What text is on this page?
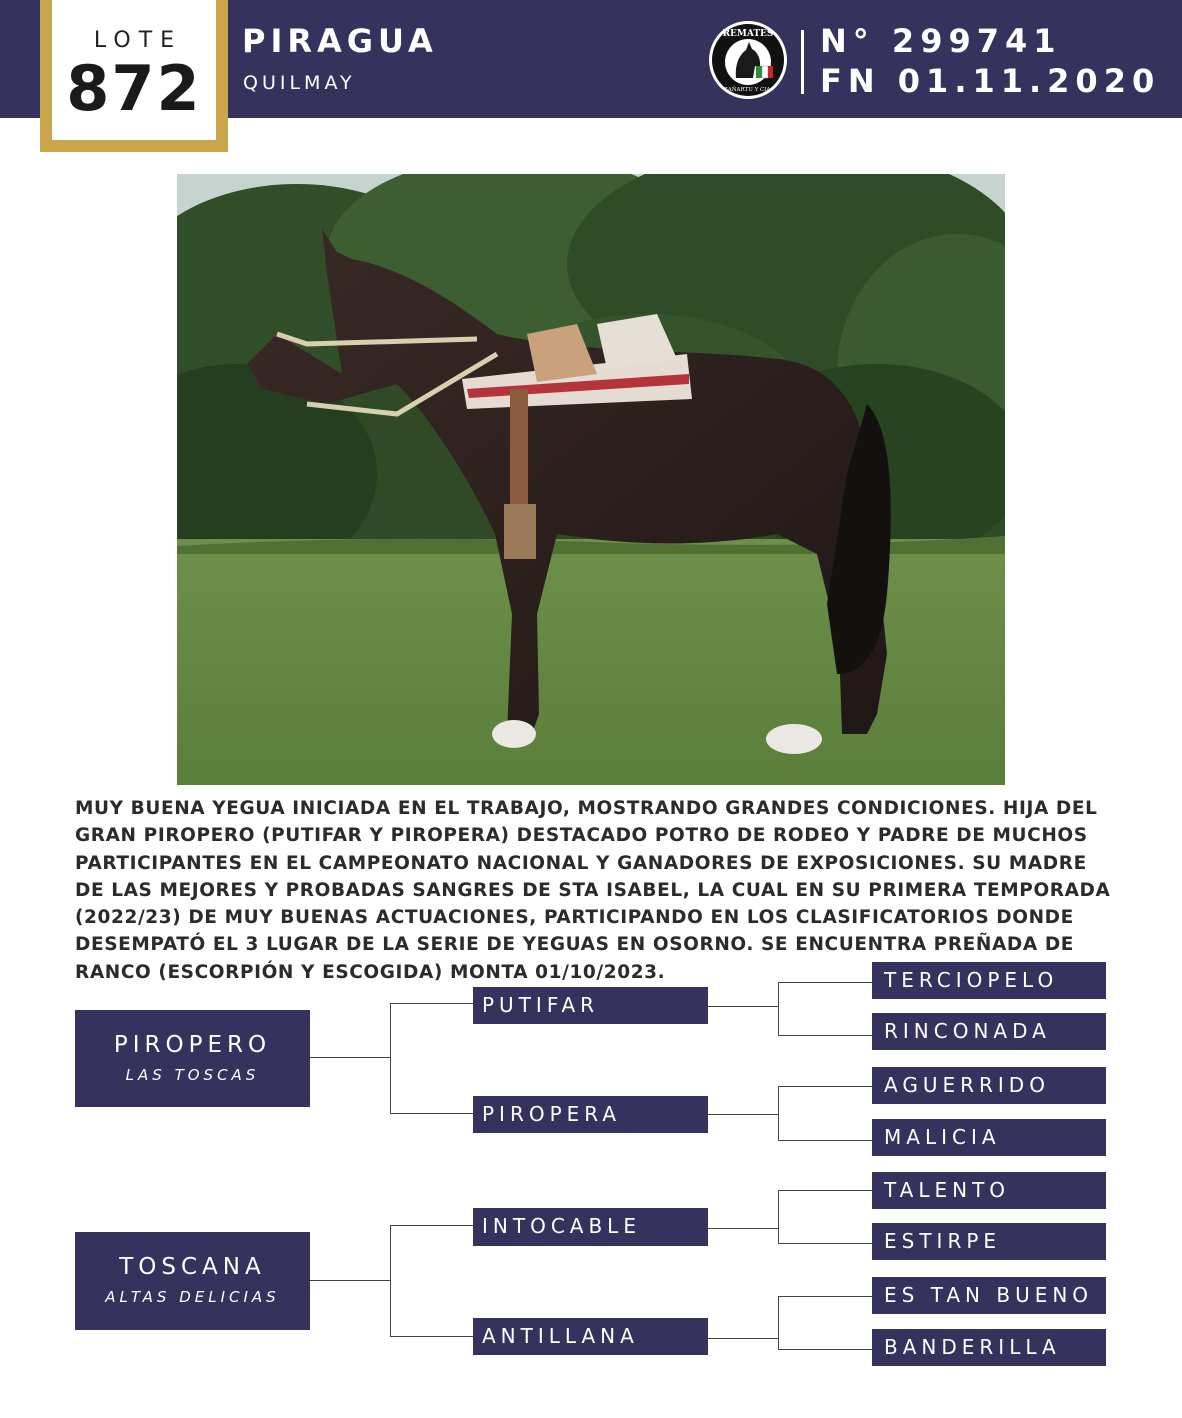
PIRAGUA
QUILMAY
REMATES
ZAÑARTU Y CIA.
N° 299741
FN 01.11.2020
LOTE
872
MUY BUENA YEGUA INICIADA EN EL TRABAJO, MOSTRANDO GRANDES CONDICIONES. HIJA DEL GRAN PIROPERO (PUTIFAR Y PIROPERA) DESTACADO POTRO DE RODEO Y PADRE DE MUCHOS PARTICIPANTES EN EL CAMPEONATO NACIONAL Y GANADORES DE EXPOSICIONES. SU MADRE DE LAS MEJORES Y PROBADAS SANGRES DE STA ISABEL, LA CUAL EN SU PRIMERA TEMPORADA (2022/23) DE MUY BUENAS ACTUACIONES, PARTICIPANDO EN LOS CLASIFICATORIOS DONDE DESEMPATÓ EL 3 LUGAR DE LA SERIE DE YEGUAS EN OSORNO. SE ENCUENTRA PREÑADA DE RANCO (ESCORPIÓN Y ESCOGIDA) MONTA 01/10/2023.
PIROPERO
LAS TOSCAS
TOSCANA
ALTAS DELICIAS
PUTIFAR
PIROPERA
INTOCABLE
ANTILLANA
TERCIOPELO
RINCONADA
AGUERRIDO
MALICIA
TALENTO
ESTIRPE
ES TAN BUENO
BANDERILLA
